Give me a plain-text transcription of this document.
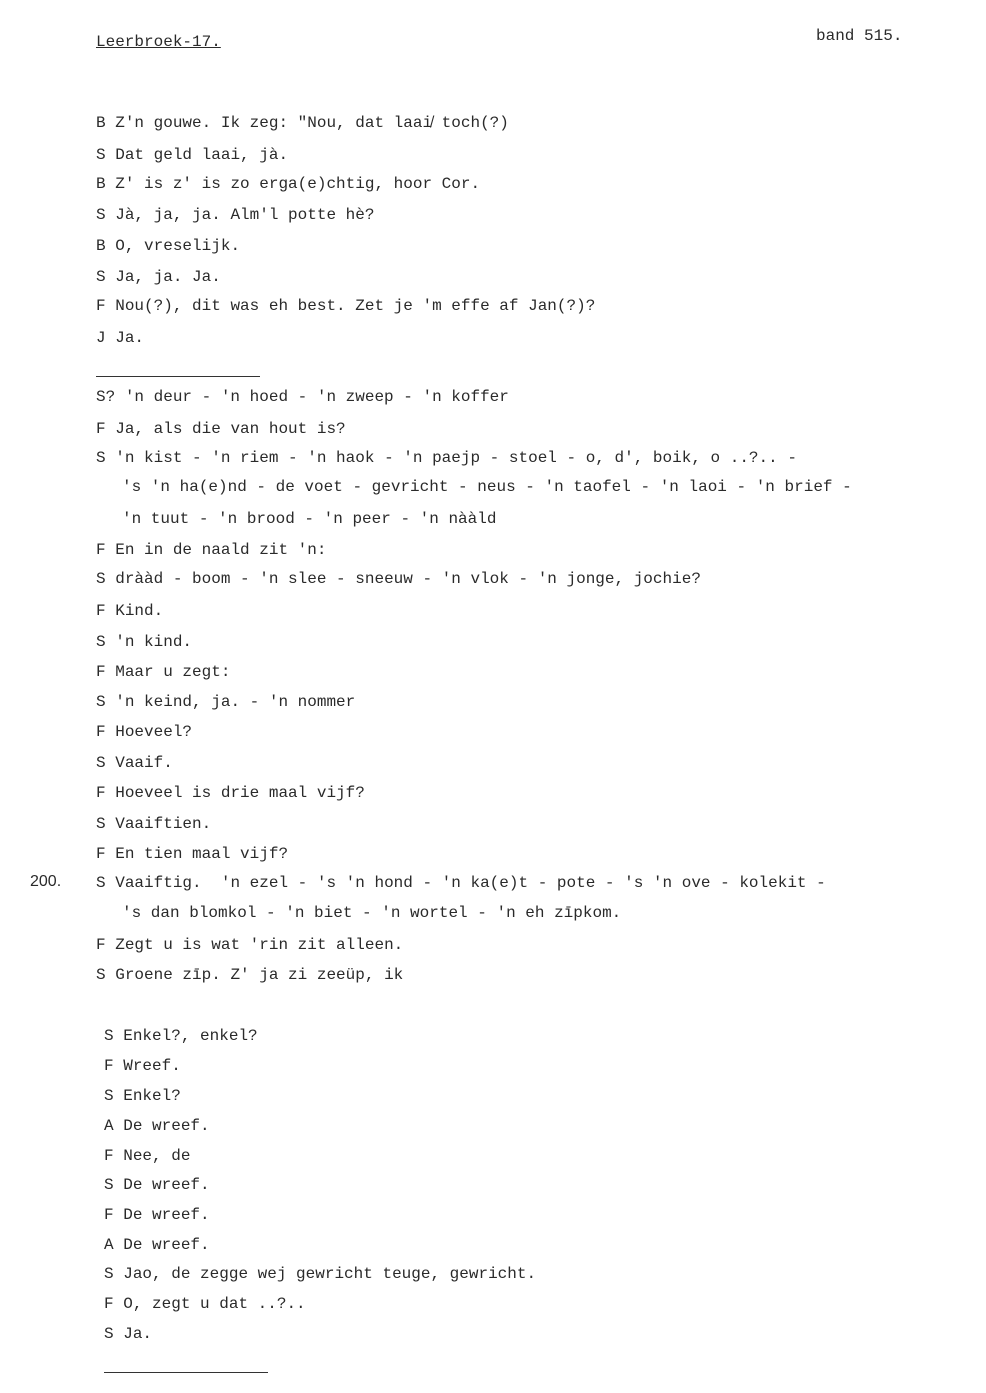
Leerbroek-17.	band 515.
200.
B Z'n gouwe. Ik zeg: "Nou, dat laai̸ toch(?)
S Dat geld laai, jà.
B Z' is z' is zo erga(e)chtig, hoor Cor.
S Jà, ja, ja. Alm'l potte hè?
B O, vreselijk.
S Ja, ja. Ja.
F Nou(?), dit was eh best. Zet je 'm effe af Jan(?)?
J Ja.
S? 'n deur - 'n hoed - 'n zweep - 'n koffer
F Ja, als die van hout is?
S 'n kist - 'n riem - 'n haok - 'n paejp - stoel - o, d', boik, o ..?.. -
's 'n ha(e)nd - de voet - gevricht - neus - 'n taofel - 'n laoi - 'n brief -
'n tuut - 'n brood - 'n peer - 'n nààld
F En in de naald zit 'n:
S drààd - boom - 'n slee - sneeuw - 'n vlok - 'n jonge, jochie?
F Kind.
S 'n kind.
F Maar u zegt:
S 'n keind, ja. - 'n nommer
F Hoeveel?
S Vaaif.
F Hoeveel is drie maal vijf?
S Vaaiftien.
F En tien maal vijf?
S Vaaiftig.  'n ezel - 's 'n hond - 'n ka(e)t - pote - 's 'n ove - kolekit -
's dan blomkol - 'n biet - 'n wortel - 'n eh zīpkom.
F Zegt u is wat 'rin zit alleen.
S Groene zīp. Z' ja zi zeeüp, ik
S Enkel?, enkel?
F Wreef.
S Enkel?
A De wreef.
F Nee, de
S De wreef.
F De wreef.
A De wreef.
S Jao, de zegge wej gewricht teuge, gewricht.
F O, zegt u dat ..?..
S Ja.
